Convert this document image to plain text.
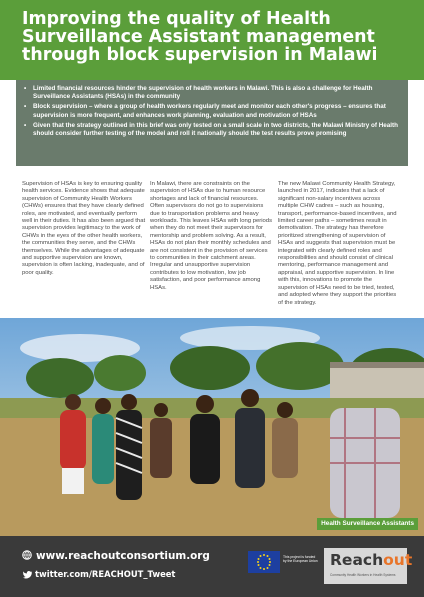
Improving the quality of Health Surveillance Assistant management through block supervision in Malawi
• Limited financial resources hinder the supervision of health workers in Malawi. This is also a challenge for Health Surveillance Assistants (HSAs) in the community
• Block supervision – where a group of health workers regularly meet and monitor each other's progress – ensures that supervision is more frequent, and enhances work planning, evaluation and motivation of HSAs
• Given that the strategy outlined in this brief was only tested on a small scale in two districts, the Malawi Ministry of Health should consider further testing of the model and roll it nationally should the test results prove promising

Supervision of HSAs is key to ensuring quality health services. Evidence shows that adequate supervision of Community Health Workers (CHWs) ensures that they have clearly defined roles, are motivated, and eventually perform well in their duties. It has also been argued that supervision provides legitimacy to the work of CHWs in the eyes of the other health workers, the communities they serve, and the CHWs themselves. While the advantages of adequate and supportive supervision are known, supervision is often lacking, inadequate, and of poor quality.

In Malawi, there are constraints on the supervision of HSAs due to human resource shortages and lack of financial resources. Often supervisors do not go to supervisions due to transportation problems and heavy workloads. This leaves HSAs with long periods when they do not meet their supervisors for mentorship and problem solving. As a result, HSAs do not plan their monthly schedules and are not consistent in the provision of services to communities in their catchment areas. Irregular and unsupportive supervision contributes to low motivation, low job satisfaction, and poor performance among HSAs.

The new Malawi Community Health Strategy, launched in 2017, indicates that a lack of significant non-salary incentives across multiple CHW cadres – such as housing, transport, performance-based incentives, and limited career paths – sometimes result in demotivation. The strategy has therefore prioritized strengthening of supervision of HSAs and suggests that supervision must be integrated with clearly defined roles and responsibilities and should consist of clinical mentoring, performance management and appraisal, and supportive supervision. In line with this, innovations to promote the supervision of HSAs need to be tried, tested, and adopted where they support the priorities of the strategy.

Health Surveillance Assistants
www.reachoutconsortium.org
twitter.com/REACHOUT_Tweet
This project is funded by the European Union Reachout
Community Health Workers in Health Systems
